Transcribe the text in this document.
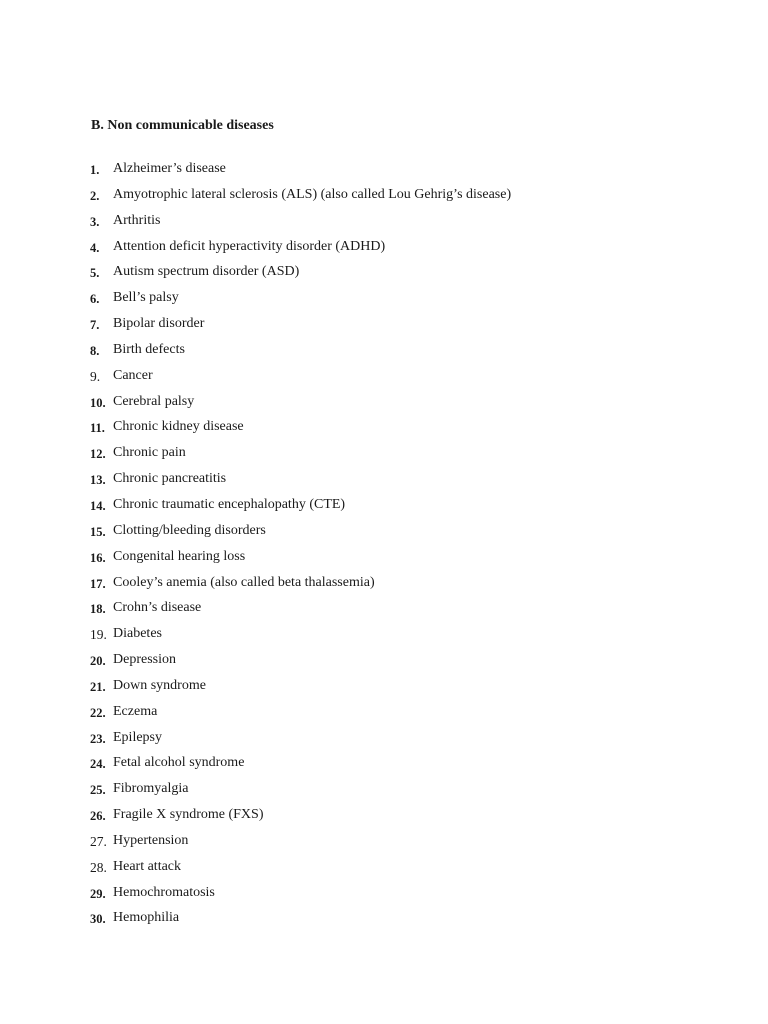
B. Non communicable diseases
1. Alzheimer’s disease
2. Amyotrophic lateral sclerosis (ALS) (also called Lou Gehrig’s disease)
3. Arthritis
4. Attention deficit hyperactivity disorder (ADHD)
5. Autism spectrum disorder (ASD)
6. Bell’s palsy
7. Bipolar disorder
8. Birth defects
9. Cancer
10. Cerebral palsy
11. Chronic kidney disease
12. Chronic pain
13. Chronic pancreatitis
14. Chronic traumatic encephalopathy (CTE)
15. Clotting/bleeding disorders
16. Congenital hearing loss
17. Cooley’s anemia (also called beta thalassemia)
18. Crohn’s disease
19. Diabetes
20. Depression
21. Down syndrome
22. Eczema
23. Epilepsy
24. Fetal alcohol syndrome
25. Fibromyalgia
26. Fragile X syndrome (FXS)
27. Hypertension
28. Heart attack
29. Hemochromatosis
30. Hemophilia
